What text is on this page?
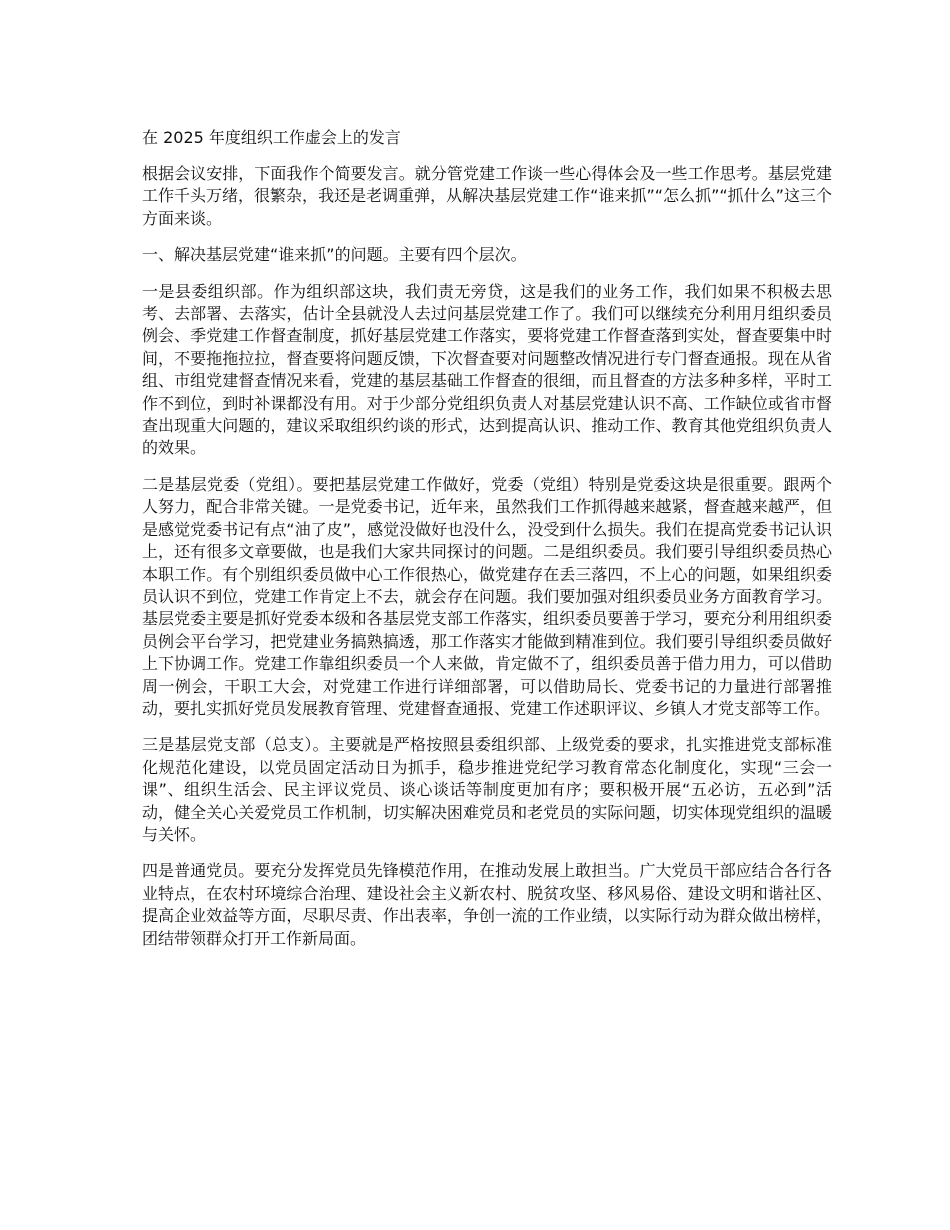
在 2025 年度组织工作虚会上的发言
根据会议安排，下面我作个简要发言。就分管党建工作谈一些心得体会及一些工作思考。基层党建工作千头万绪，很繁杂，我还是老调重弹，从解决基层党建工作“谁来抓”“怎么抓”“抓什么”这三个方面来谈。
一、解决基层党建“谁来抓”的问题。主要有四个层次。
一是县委组织部。作为组织部这块，我们责无旁贷，这是我们的业务工作，我们如果不积极去思考、去部署、去落实，估计全县就没人去过问基层党建工作了。我们可以继续充分利用月组织委员例会、季党建工作督查制度，抓好基层党建工作落实，要将党建工作督查落到实处，督查要集中时间，不要拖拖拉拉，督查要将问题反馈，下次督查要对问题整改情况进行专门督查通报。现在从省组、市组党建督查情况来看，党建的基层基础工作督查的很细，而且督查的方法多种多样，平时工作不到位，到时补课都没有用。对于少部分党组织负责人对基层党建认识不高、工作缺位或省市督查出现重大问题的，建议采取组织约谈的形式，达到提高认识、推动工作、教育其他党组织负责人的效果。
二是基层党委（党组）。要把基层党建工作做好，党委（党组）特别是党委这块是很重要。跟两个人努力，配合非常关键。一是党委书记，近年来，虽然我们工作抓得越来越紧，督查越来越严，但是感觉党委书记有点“油了皮”，感觉没做好也没什么，没受到什么损失。我们在提高党委书记认识上，还有很多文章要做，也是我们大家共同探讨的问题。二是组织委员。我们要引导组织委员热心本职工作。有个别组织委员做中心工作很热心，做党建存在丢三落四，不上心的问题，如果组织委员认识不到位，党建工作肯定上不去，就会存在问题。我们要加强对组织委员业务方面教育学习。基层党委主要是抓好党委本级和各基层党支部工作落实，组织委员要善于学习，要充分利用组织委员例会平台学习，把党建业务搞熟搞透，那工作落实才能做到精准到位。我们要引导组织委员做好上下协调工作。党建工作靠组织委员一个人来做，肯定做不了，组织委员善于借力用力，可以借助周一例会，干职工大会，对党建工作进行详细部署，可以借助局长、党委书记的力量进行部署推动，要扎实抓好党员发展教育管理、党建督查通报、党建工作述职评议、乡镇人才党支部等工作。
三是基层党支部（总支）。主要就是严格按照县委组织部、上级党委的要求，扎实推进党支部标准化规范化建设，以党员固定活动日为抓手，稳步推进党纪学习教育常态化制度化，实现“三会一课”、组织生活会、民主评议党员、谈心谈话等制度更加有序；要积极开展“五必访，五必到”活动，健全关心关爱党员工作机制，切实解决困难党员和老党员的实际问题，切实体现党组织的温暖与关怀。
四是普通党员。要充分发挥党员先锋模范作用，在推动发展上敢担当。广大党员干部应结合各行各业特点，在农村环境综合治理、建设社会主义新农村、脱贫攻坚、移风易俗、建设文明和谐社区、提高企业效益等方面，尽职尽责、作出表率，争创一流的工作业绩，以实际行动为群众做出榜样，团结带领群众打开工作新局面。
